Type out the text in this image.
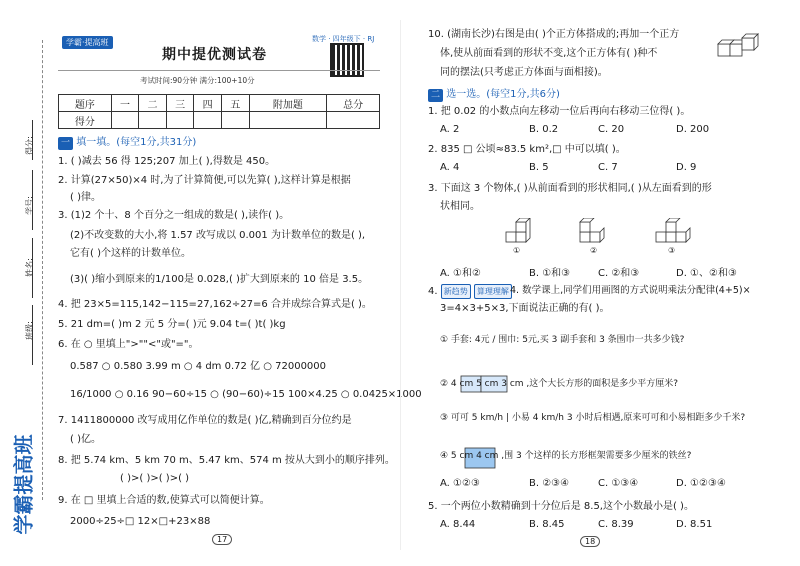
得分:
学号:
姓名:
班级:
学霸提高班
学霸·提高班	数学 · 四年级下 · RJ
期中提优测试卷
考试时间:90分钟 满分:100+10分
题序	一	二	三	四	五	附加题	总分
得分							
一 填一填。(每空1分,共31分)
1. ( )减去 56 得 125;207 加上( ),得数是 450。
2. 计算(27×50)×4 时,为了计算简便,可以先算( ),这样计算是根据
( )律。
3. (1)2 个十、8 个百分之一组成的数是( ),读作( )。
(2)不改变数的大小,将 1.57 改写成以 0.001 为计数单位的数是( ),
它有( )个这样的计数单位。
(3)( )缩小到原来的1/100是 0.028,( )扩大到原来的 10 倍是 3.5。
4. 把 23×5=115,142−115=27,162÷27=6 合并成综合算式是( )。
5. 21 dm=( )m 2 元 5 分=( )元 9.04 t=( )t( )kg
6. 在 ○ 里填上">""<"或"="。
0.587 ○ 0.580 3.99 m ○ 4 dm 0.72 亿 ○ 72000000
16/1000 ○ 0.16 90−60÷15 ○ (90−60)÷15 100×4.25 ○ 0.0425×1000
7. 1411800000 改写成用亿作单位的数是( )亿,精确到百分位约是
( )亿。
8. 把 5.74 km、5 km 70 m、5.47 km、574 m 按从大到小的顺序排列。
( )>( )>( )>( )
9. 在 □ 里填上合适的数,使算式可以简便计算。
2000÷25÷□ 12×□+23×88
17
10. (湖南长沙)右图是由( )个正方体搭成的;再加一个正方
体,使从前面看到的形状不变,这个正方体有( )种不
同的摆法(只考虑正方体面与面相接)。
二 选一选。(每空1分,共6分)
1. 把 0.02 的小数点向左移动一位后再向右移动三位得( )。
A. 2	B. 0.2	C. 20	D. 200
2. 835 □ 公顷≈83.5 km²,□ 中可以填( )。
A. 4	B. 5	C. 7	D. 9
3. 下面这 3 个物体,( )从前面看到的形状相同,( )从左面看到的形
状相同。
①	②	③
A. ①和②	B. ①和③	C. ②和③	D. ①、②和③
4. 新趋势 算理理解 4. 数学课上,同学们用画图的方式说明乘法分配律(4+5)×
3=4×3+5×3,下面说法正确的有( )。
① 手套: 4元 / 围巾: 5元,买 3 副手套和 3 条围巾一共多少钱?
② 4 cm 5 cm 3 cm ,这个大长方形的面积是多少平方厘米?
③ 可可 5 km/h | 小易 4 km/h 3 小时后相遇,原来可可和小易相距多少千米?
④ 5 cm 4 cm ,围 3 个这样的长方形框架需要多少厘米的铁丝?
A. ①②③	B. ②③④	C. ①③④	D. ①②③④
5. 一个两位小数精确到十分位后是 8.5,这个小数最小是( )。
A. 8.44	B. 8.45	C. 8.39	D. 8.51
18
